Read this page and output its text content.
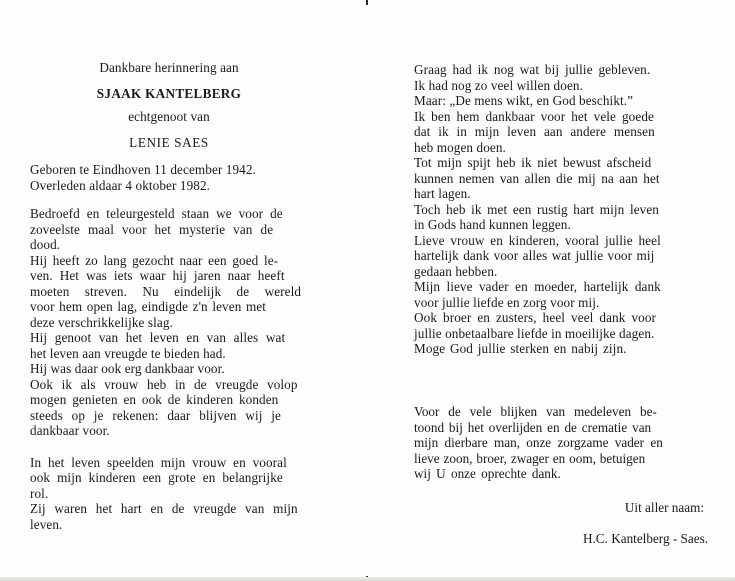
Dankbare herinnering aan
SJAAK KANTELBERG
echtgenoot van
LENIE SAES
Geboren te Eindhoven 11 december 1942.
Overleden aldaar 4 oktober 1982.
Bedroefd en teleurgesteld staan we voor de
zoveelste maal voor het mysterie van de
dood.
Hij heeft zo lang gezocht naar een goed le-
ven. Het was iets waar hij jaren naar heeft
moeten streven. Nu eindelijk de wereld
voor hem open lag, eindigde z'n leven met
deze verschrikkelijke slag.
Hij genoot van het leven en van alles wat
het leven aan vreugde te bieden had.
Hij was daar ook erg dankbaar voor.
Ook ik als vrouw heb in de vreugde volop
mogen genieten en ook de kinderen konden
steeds op je rekenen: daar blijven wij je
dankbaar voor.
In het leven speelden mijn vrouw en vooral
ook mijn kinderen een grote en belangrijke
rol.
Zij waren het hart en de vreugde van mijn
leven.
Graag had ik nog wat bij jullie gebleven.
Ik had nog zo veel willen doen.
Maar: „De mens wikt, en God beschikt.”
Ik ben hem dankbaar voor het vele goede
dat ik in mijn leven aan andere mensen
heb mogen doen.
Tot mijn spijt heb ik niet bewust afscheid
kunnen nemen van allen die mij na aan het
hart lagen.
Toch heb ik met een rustig hart mijn leven
in Gods hand kunnen leggen.
Lieve vrouw en kinderen, vooral jullie heel
hartelijk dank voor alles wat jullie voor mij
gedaan hebben.
Mijn lieve vader en moeder, hartelijk dank
voor jullie liefde en zorg voor mij.
Ook broer en zusters, heel veel dank voor
jullie onbetaalbare liefde in moeilijke dagen.
Moge God jullie sterken en nabij zijn.
Voor de vele blijken van medeleven be-
toond bij het overlijden en de crematie van
mijn dierbare man, onze zorgzame vader en
lieve zoon, broer, zwager en oom, betuigen
wij U onze oprechte dank.
Uit aller naam:
H.C. Kantelberg - Saes.
